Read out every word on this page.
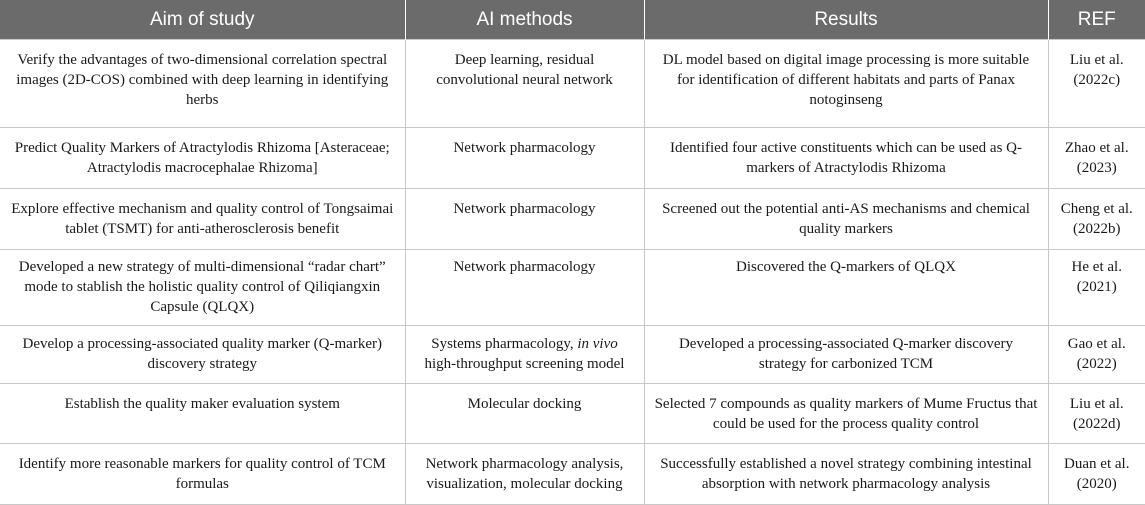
Aim of study	AI methods	Results	REF
Verify the advantages of two-dimensional correlation spectral images (2D-COS) combined with deep learning in identifying herbs	Deep learning, residual convolutional neural network	DL model based on digital image processing is more suitable for identification of different habitats and parts of Panax notoginseng	Liu et al. (2022c)
Predict Quality Markers of Atractylodis Rhizoma [Asteraceae; Atractylodis macrocephalae Rhizoma]	Network pharmacology	Identified four active constituents which can be used as Q-markers of Atractylodis Rhizoma	Zhao et al. (2023)
Explore effective mechanism and quality control of Tongsaimai tablet (TSMT) for anti-atherosclerosis benefit	Network pharmacology	Screened out the potential anti-AS mechanisms and chemical quality markers	Cheng et al. (2022b)
Developed a new strategy of multi-dimensional “radar chart” mode to stablish the holistic quality control of Qiliqiangxin Capsule (QLQX)	Network pharmacology	Discovered the Q-markers of QLQX	He et al. (2021)
Develop a processing-associated quality marker (Q-marker) discovery strategy	Systems pharmacology, in vivo high-throughput screening model	Developed a processing-associated Q-marker discovery strategy for carbonized TCM	Gao et al. (2022)
Establish the quality maker evaluation system	Molecular docking	Selected 7 compounds as quality markers of Mume Fructus that could be used for the process quality control	Liu et al. (2022d)
Identify more reasonable markers for quality control of TCM formulas	Network pharmacology analysis, visualization, molecular docking	Successfully established a novel strategy combining intestinal absorption with network pharmacology analysis	Duan et al. (2020)
